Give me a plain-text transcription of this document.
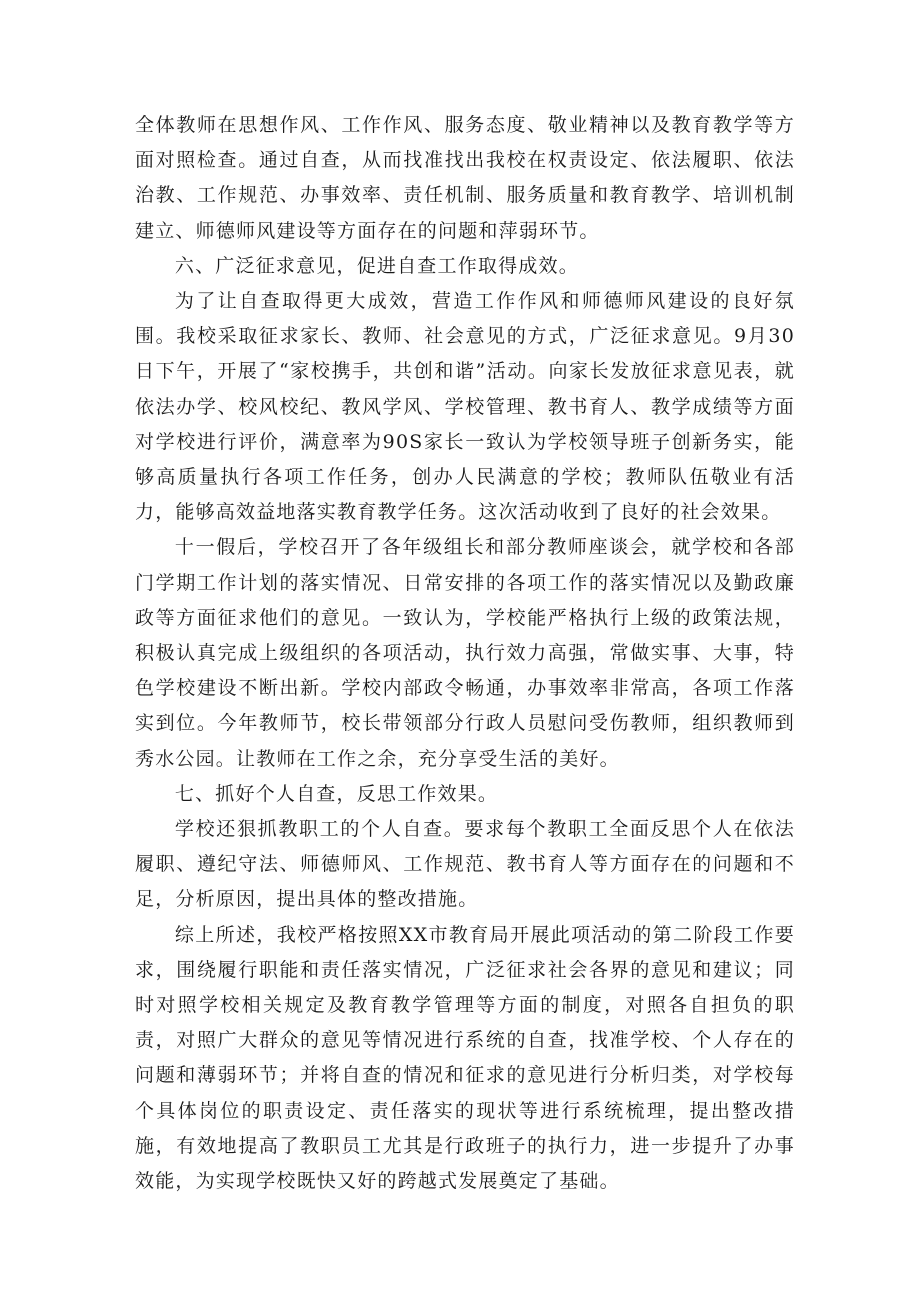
全体教师在思想作风、工作作风、服务态度、敬业精神以及教育教学等方面对照检查。通过自查，从而找准找出我校在权责设定、依法履职、依法治教、工作规范、办事效率、责任机制、服务质量和教育教学、培训机制建立、师德师风建设等方面存在的问题和萍弱环节。

六、广泛征求意见，促进自查工作取得成效。

为了让自查取得更大成效，营造工作作风和师德师风建设的良好氛围。我校采取征求家长、教师、社会意见的方式，广泛征求意见。9月30日下午，开展了“家校携手，共创和谐”活动。向家长发放征求意见表，就依法办学、校风校纪、教风学风、学校管理、教书育人、教学成绩等方面对学校进行评价，满意率为90S家长一致认为学校领导班子创新务实，能够高质量执行各项工作任务，创办人民满意的学校；教师队伍敬业有活力，能够高效益地落实教育教学任务。这次活动收到了良好的社会效果。

十一假后，学校召开了各年级组长和部分教师座谈会，就学校和各部门学期工作计划的落实情况、日常安排的各项工作的落实情况以及勤政廉政等方面征求他们的意见。一致认为，学校能严格执行上级的政策法规，积极认真完成上级组织的各项活动，执行效力高强，常做实事、大事，特色学校建设不断出新。学校内部政令畅通，办事效率非常高，各项工作落实到位。今年教师节，校长带领部分行政人员慰问受伤教师，组织教师到秀水公园。让教师在工作之余，充分享受生活的美好。

七、抓好个人自查，反思工作效果。

学校还狠抓教职工的个人自查。要求每个教职工全面反思个人在依法履职、遵纪守法、师德师风、工作规范、教书育人等方面存在的问题和不足，分析原因，提出具体的整改措施。

综上所述，我校严格按照XX市教育局开展此项活动的第二阶段工作要求，围绕履行职能和责任落实情况，广泛征求社会各界的意见和建议；同时对照学校相关规定及教育教学管理等方面的制度，对照各自担负的职责，对照广大群众的意见等情况进行系统的自查，找准学校、个人存在的问题和薄弱环节；并将自查的情况和征求的意见进行分析归类，对学校每个具体岗位的职责设定、责任落实的现状等进行系统梳理，提出整改措施，有效地提高了教职员工尤其是行政班子的执行力，进一步提升了办事效能，为实现学校既快又好的跨越式发展奠定了基础。
